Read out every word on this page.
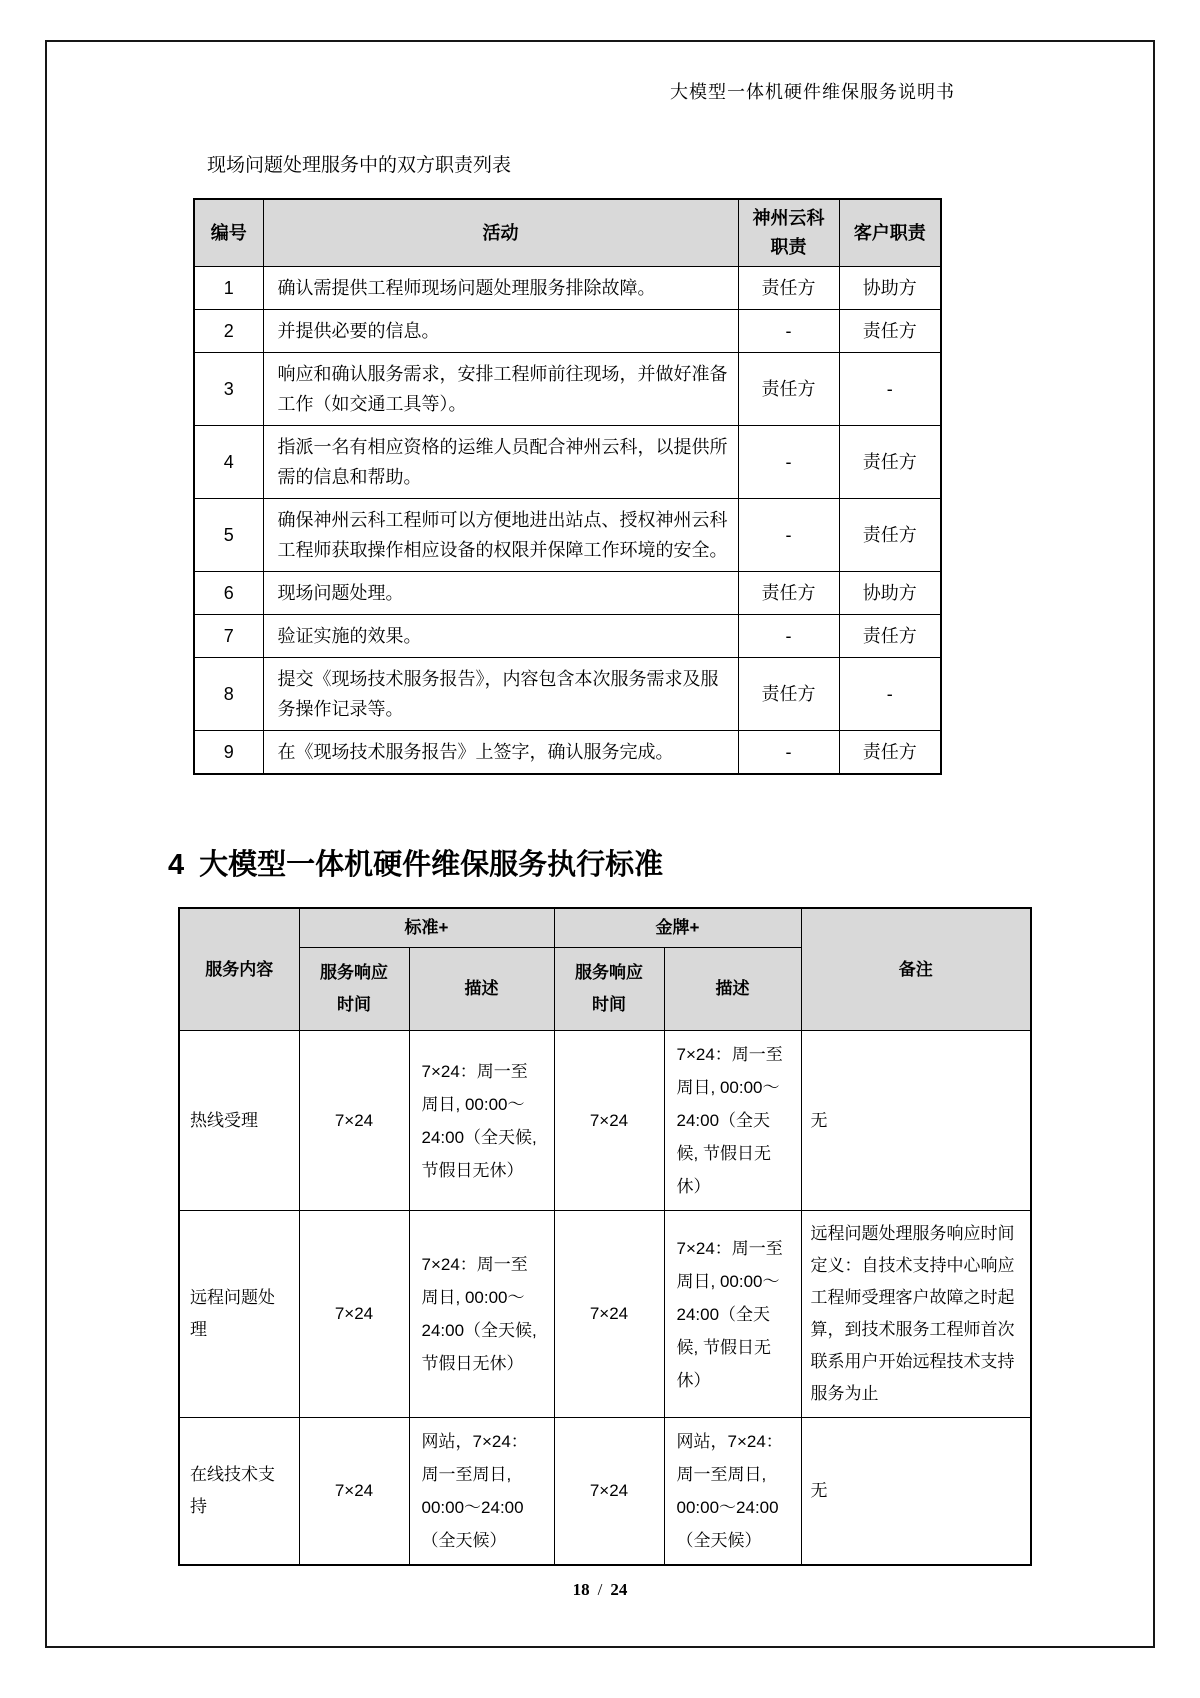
大模型一体机硬件维保服务说明书
现场问题处理服务中的双方职责列表
编号	活动	神州云科职责	客户职责
1	确认需提供工程师现场问题处理服务排除故障。	责任方	协助方
2	并提供必要的信息。	-	责任方
3	响应和确认服务需求，安排工程师前往现场，并做好准备工作（如交通工具等）。	责任方	-
4	指派一名有相应资格的运维人员配合神州云科，以提供所需的信息和帮助。	-	责任方
5	确保神州云科工程师可以方便地进出站点、授权神州云科工程师获取操作相应设备的权限并保障工作环境的安全。	-	责任方
6	现场问题处理。	责任方	协助方
7	验证实施的效果。	-	责任方
8	提交《现场技术服务报告》，内容包含本次服务需求及服务操作记录等。	责任方	-
9	在《现场技术服务报告》上签字，确认服务完成。	-	责任方
4 大模型一体机硬件维保服务执行标准
服务内容	标准+		金牌+		备注
	服务响应时间	描述	服务响应时间	描述	
热线受理	7×24	7×24：周一至周日, 00:00～24:00（全天候, 节假日无休）	7×24	7×24：周一至周日, 00:00～24:00（全天候, 节假日无休）	无
远程问题处理	7×24	7×24：周一至周日, 00:00～24:00（全天候, 节假日无休）	7×24	7×24：周一至周日, 00:00～24:00（全天候, 节假日无休）	远程问题处理服务响应时间定义：自技术支持中心响应工程师受理客户故障之时起算，到技术服务工程师首次联系用户开始远程技术支持服务为止
在线技术支持	7×24	网站，7×24：周一至周日, 00:00～24:00（全天候）	7×24	网站，7×24：周一至周日, 00:00～24:00（全天候）	无
18 / 24
